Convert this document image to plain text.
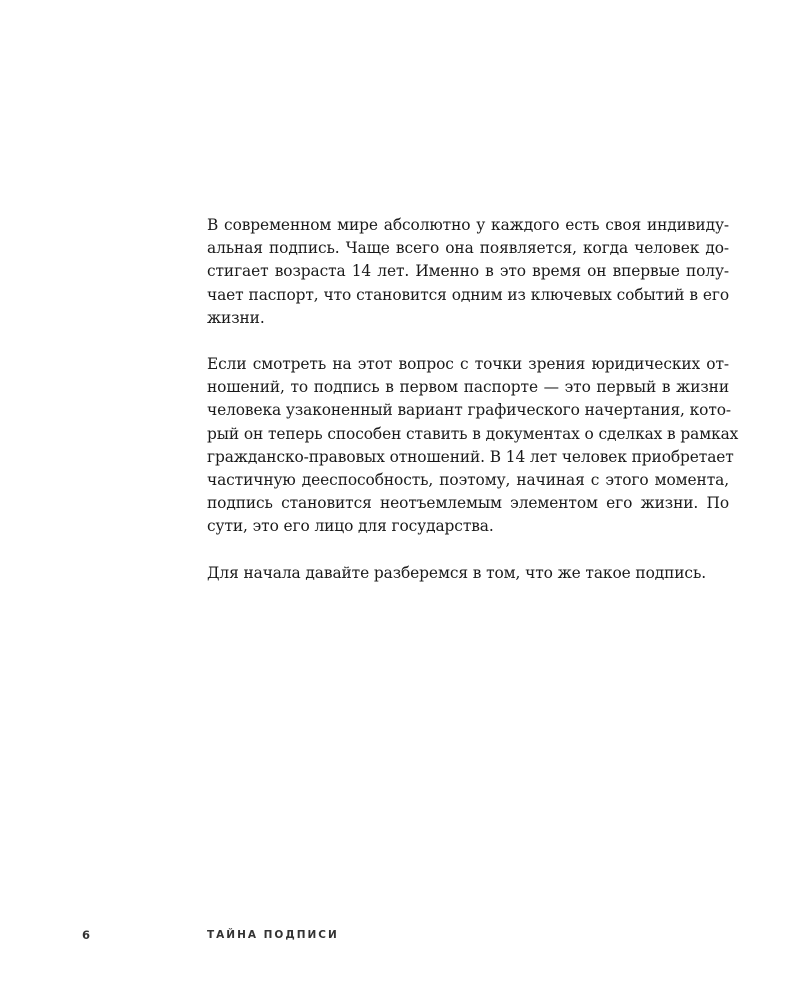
В современном мире абсолютно у каждого есть своя индивиду-
альная подпись. Чаще всего она появляется, когда человек до-
стигает возраста 14 лет. Именно в это время он впервые полу-
чает паспорт, что становится одним из ключевых событий в его
жизни.

Если смотреть на этот вопрос с точки зрения юридических от-
ношений, то подпись в первом паспорте — это первый в жизни
человека узаконенный вариант графического начертания, кото-
рый он теперь способен ставить в документах о сделках в рамках
гражданско-правовых отношений. В 14 лет человек приобретает
частичную дееспособность, поэтому, начиная с этого момента,
подпись становится неотъемлемым элементом его жизни. По
сути, это его лицо для государства.

Для начала давайте разберемся в том, что же такое подпись.

6	ТАЙНА ПОДПИСИ
